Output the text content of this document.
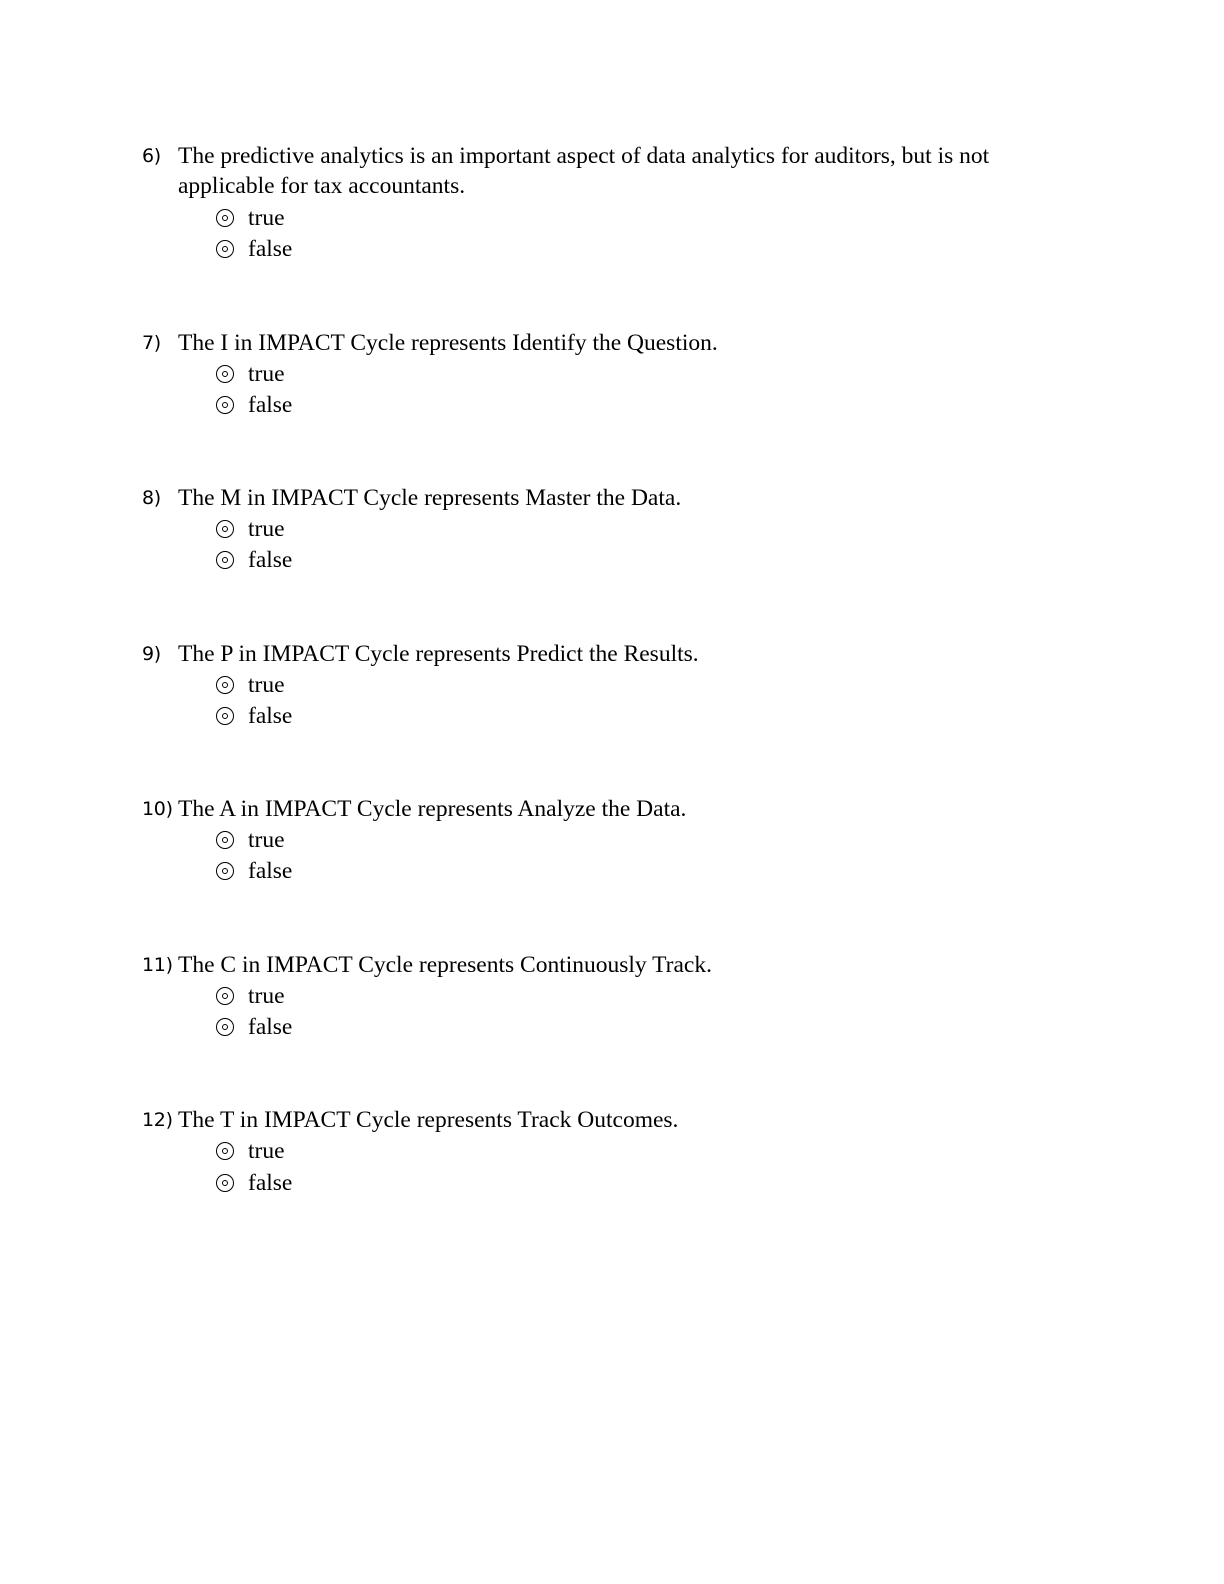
6) The predictive analytics is an important aspect of data analytics for auditors, but is not applicable for tax accountants.
true
false
7) The I in IMPACT Cycle represents Identify the Question.
true
false
8) The M in IMPACT Cycle represents Master the Data.
true
false
9) The P in IMPACT Cycle represents Predict the Results.
true
false
10) The A in IMPACT Cycle represents Analyze the Data.
true
false
11) The C in IMPACT Cycle represents Continuously Track.
true
false
12) The T in IMPACT Cycle represents Track Outcomes.
true
false
